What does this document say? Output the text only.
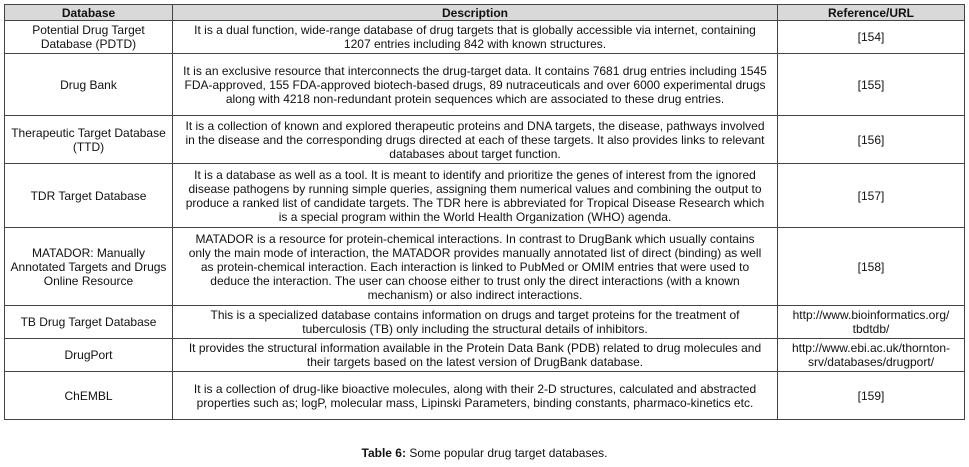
Database	Description	Reference/URL
Potential Drug Target Database (PDTD)	It is a dual function, wide-range database of drug targets that is globally accessible via internet, containing 1207 entries including 842 with known structures.	[154]
Drug Bank	It is an exclusive resource that interconnects the drug-target data. It contains 7681 drug entries including 1545 FDA-approved, 155 FDA-approved biotech-based drugs, 89 nutraceuticals and over 6000 experimental drugs along with 4218 non-redundant protein sequences which are associated to these drug entries.	[155]
Therapeutic Target Database (TTD)	It is a collection of known and explored therapeutic proteins and DNA targets, the disease, pathways involved in the disease and the corresponding drugs directed at each of these targets. It also provides links to relevant databases about target function.	[156]
TDR Target Database	It is a database as well as a tool. It is meant to identify and prioritize the genes of interest from the ignored disease pathogens by running simple queries, assigning them numerical values and combining the output to produce a ranked list of candidate targets. The TDR here is abbreviated for Tropical Disease Research which is a special program within the World Health Organization (WHO) agenda.	[157]
MATADOR: Manually Annotated Targets and Drugs Online Resource	MATADOR is a resource for protein-chemical interactions. In contrast to DrugBank which usually contains only the main mode of interaction, the MATADOR provides manually annotated list of direct (binding) as well as protein-chemical interaction. Each interaction is linked to PubMed or OMIM entries that were used to deduce the interaction. The user can choose either to trust only the direct interactions (with a known mechanism) or also indirect interactions.	[158]
TB Drug Target Database	This is a specialized database contains information on drugs and target proteins for the treatment of tuberculosis (TB) only including the structural details of inhibitors.	http://www.bioinformatics.org/ tbdtdb/
DrugPort	It provides the structural information available in the Protein Data Bank (PDB) related to drug molecules and their targets based on the latest version of DrugBank database.	http://www.ebi.ac.uk/thornton-srv/databases/drugport/
ChEMBL	It is a collection of drug-like bioactive molecules, along with their 2-D structures, calculated and abstracted properties such as; logP, molecular mass, Lipinski Parameters, binding constants, pharmaco-kinetics etc.	[159]
Table 6: Some popular drug target databases.
